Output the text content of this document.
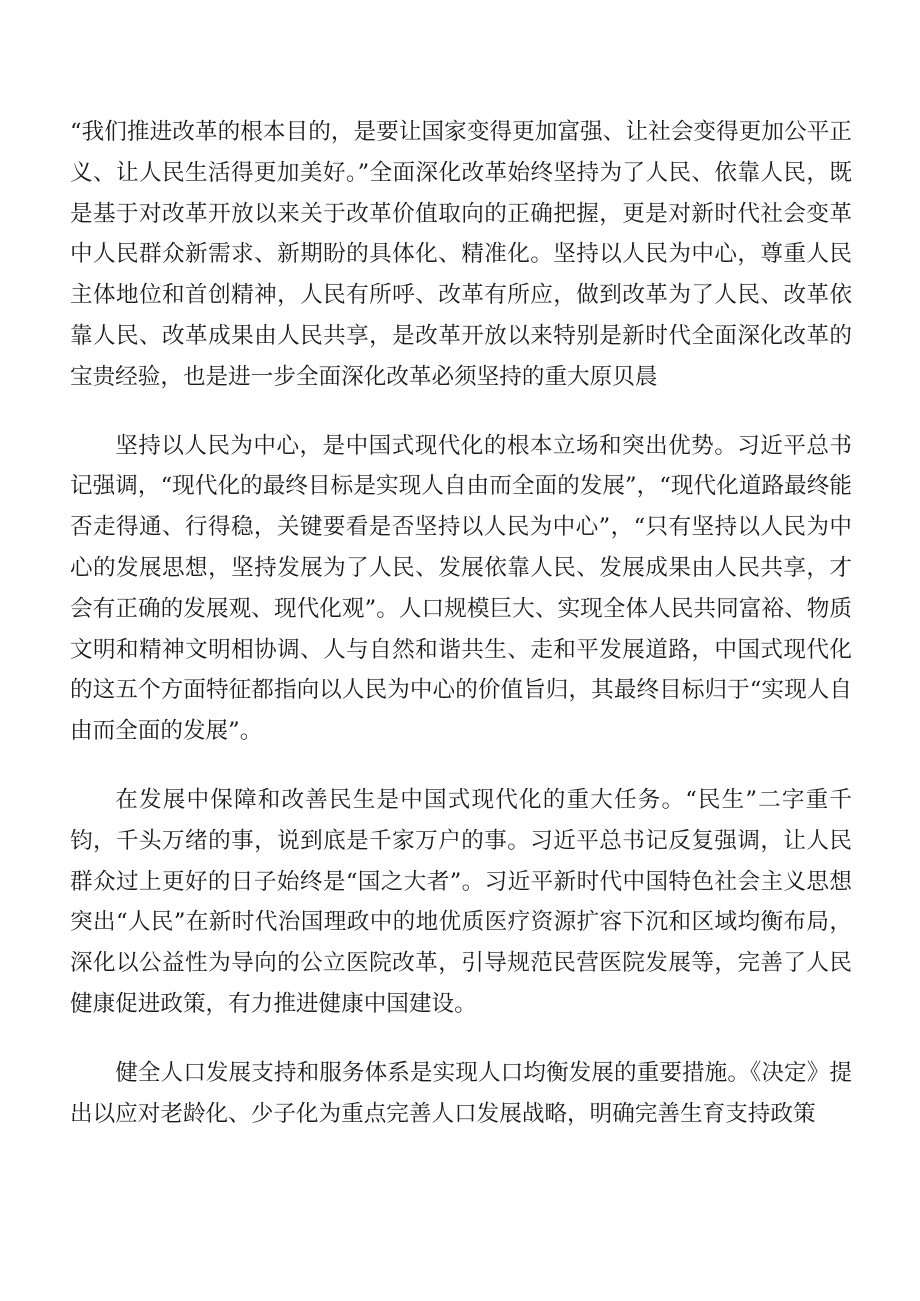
“我们推进改革的根本目的，是要让国家变得更加富强、让社会变得更加公平正义、让人民生活得更加美好。”全面深化改革始终坚持为了人民、依靠人民，既是基于对改革开放以来关于改革价值取向的正确把握，更是对新时代社会变革中人民群众新需求、新期盼的具体化、精准化。坚持以人民为中心，尊重人民主体地位和首创精神，人民有所呼、改革有所应，做到改革为了人民、改革依靠人民、改革成果由人民共享，是改革开放以来特别是新时代全面深化改革的宝贵经验，也是进一步全面深化改革必须坚持的重大原贝晨

坚持以人民为中心，是中国式现代化的根本立场和突出优势。习近平总书记强调，“现代化的最终目标是实现人自由而全面的发展”，“现代化道路最终能否走得通、行得稳，关键要看是否坚持以人民为中心”，“只有坚持以人民为中心的发展思想，坚持发展为了人民、发展依靠人民、发展成果由人民共享，才会有正确的发展观、现代化观”。人口规模巨大、实现全体人民共同富裕、物质文明和精神文明相协调、人与自然和谐共生、走和平发展道路，中国式现代化的这五个方面特征都指向以人民为中心的价值旨归，其最终目标归于“实现人自由而全面的发展”。

在发展中保障和改善民生是中国式现代化的重大任务。“民生”二字重千钧，千头万绪的事，说到底是千家万户的事。习近平总书记反复强调，让人民群众过上更好的日子始终是“国之大者”。习近平新时代中国特色社会主义思想突出“人民”在新时代治国理政中的地优质医疗资源扩容下沉和区域均衡布局，深化以公益性为导向的公立医院改革，引导规范民营医院发展等，完善了人民健康促进政策，有力推进健康中国建设。

健全人口发展支持和服务体系是实现人口均衡发展的重要措施。《决定》提出以应对老龄化、少子化为重点完善人口发展战略，明确完善生育支持政策
